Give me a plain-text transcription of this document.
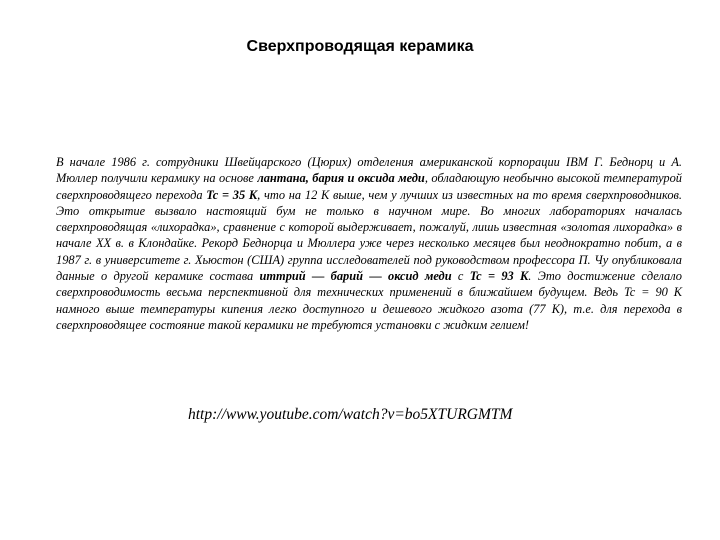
Сверхпроводящая керамика

В начале 1986 г. сотрудники Швейцарского (Цюрих) отделения американской корпорации IBM Г. Беднорц и А. Мюллер получили керамику на основе лантана, бария и оксида меди, обладающую необычно высокой температурой сверхпроводящего перехода Tc = 35 K, что на 12 К выше, чем у лучших из известных на то время сверхпроводников. Это открытие вызвало настоящий бум не только в научном мире. Во многих лабораториях началась сверхпроводящая «лихорадка», сравнение с которой выдерживает, пожалуй, лишь известная «золотая лихорадка» в начале XX в. в Клондайке. Рекорд Беднорца и Мюллера уже через несколько месяцев был неоднократно побит, а в 1987 г. в университете г. Хьюстон (США) группа исследователей под руководством профессора П. Чу опубликовала данные о другой керамике состава иттрий — барий — оксид меди с Tc = 93 K. Это достижение сделало сверхпроводимость весьма перспективной для технических применений в ближайшем будущем. Ведь Tc = 90 К намного выше температуры кипения легко доступного и дешевого жидкого азота (77 К), т.е. для перехода в сверхпроводящее состояние такой керамики не требуются установки с жидким гелием!

http://www.youtube.com/watch?v=bo5XTURGMTM
